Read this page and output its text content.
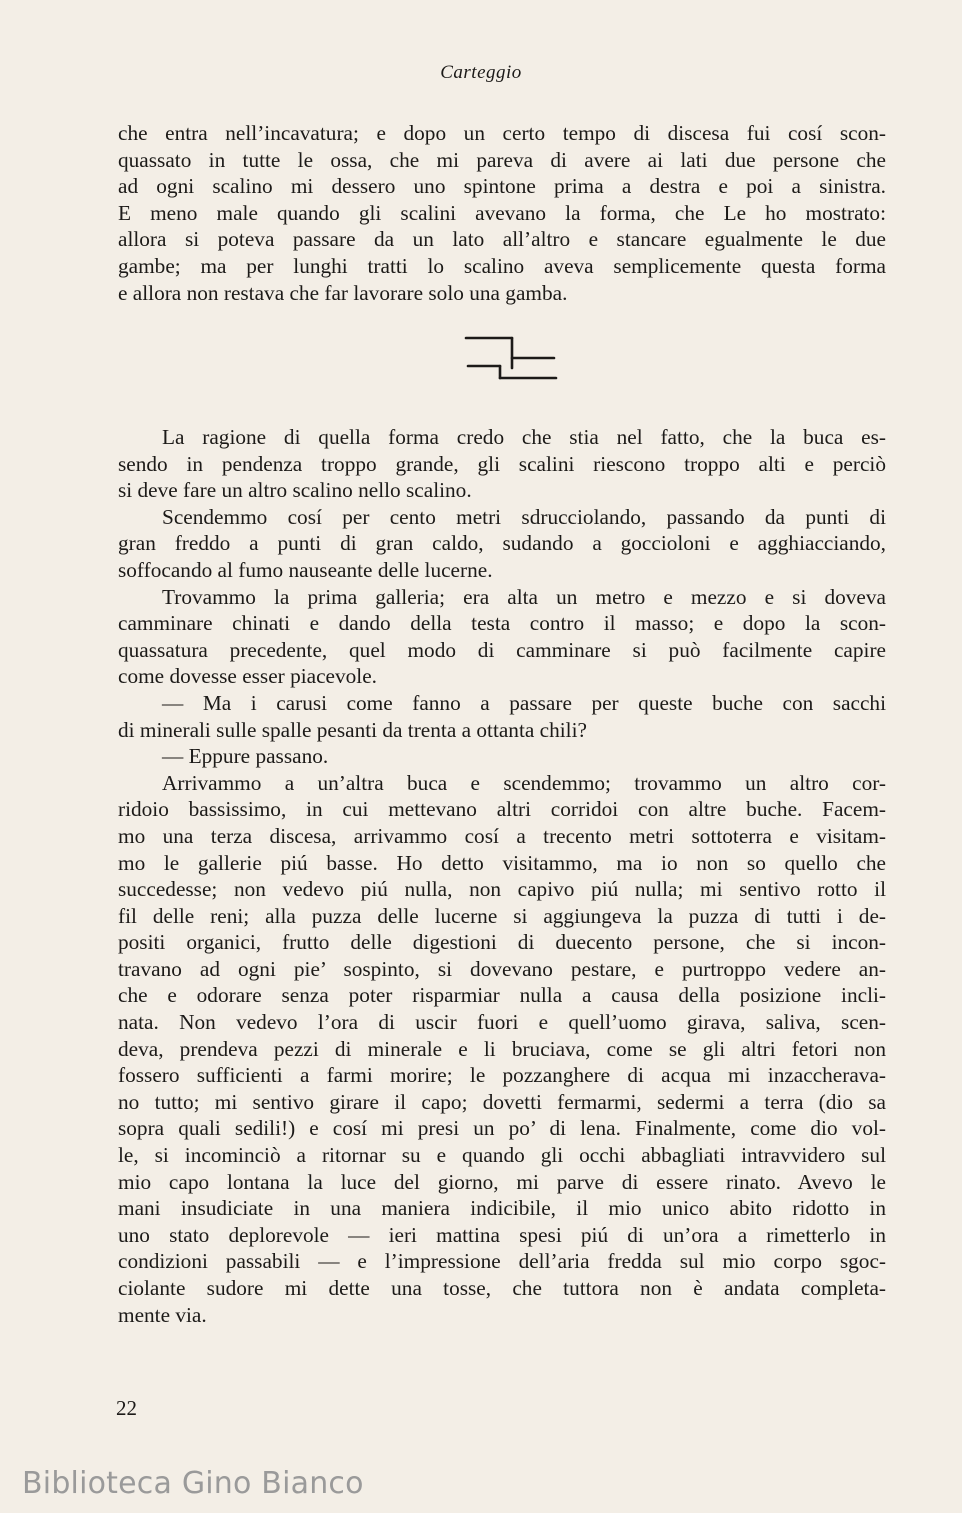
Carteggio
che entra nell’incavatura; e dopo un certo tempo di discesa fui cosí scon-
quassato in tutte le ossa, che mi pareva di avere ai lati due persone che
ad ogni scalino mi dessero uno spintone prima a destra e poi a sinistra.
E meno male quando gli scalini avevano la forma, che Le ho mostrato:
allora si poteva passare da un lato all’altro e stancare egualmente le due
gambe; ma per lunghi tratti lo scalino aveva semplicemente questa forma
e allora non restava che far lavorare solo una gamba.
La ragione di quella forma credo che stia nel fatto, che la buca es-
sendo in pendenza troppo grande, gli scalini riescono troppo alti e perciò
si deve fare un altro scalino nello scalino.
Scendemmo cosí per cento metri sdrucciolando, passando da punti di
gran freddo a punti di gran caldo, sudando a goccioloni e agghiacciando,
soffocando al fumo nauseante delle lucerne.
Trovammo la prima galleria; era alta un metro e mezzo e si doveva
camminare chinati e dando della testa contro il masso; e dopo la scon-
quassatura precedente, quel modo di camminare si può facilmente capire
come dovesse esser piacevole.
— Ma i carusi come fanno a passare per queste buche con sacchi
di minerali sulle spalle pesanti da trenta a ottanta chili?
— Eppure passano.
Arrivammo a un’altra buca e scendemmo; trovammo un altro cor-
ridoio bassissimo, in cui mettevano altri corridoi con altre buche. Facem-
mo una terza discesa, arrivammo cosí a trecento metri sottoterra e visitam-
mo le gallerie piú basse. Ho detto visitammo, ma io non so quello che
succedesse; non vedevo piú nulla, non capivo piú nulla; mi sentivo rotto il
fil delle reni; alla puzza delle lucerne si aggiungeva la puzza di tutti i de-
positi organici, frutto delle digestioni di duecento persone, che si incon-
travano ad ogni pie’ sospinto, si dovevano pestare, e purtroppo vedere an-
che e odorare senza poter risparmiar nulla a causa della posizione incli-
nata. Non vedevo l’ora di uscir fuori e quell’uomo girava, saliva, scen-
deva, prendeva pezzi di minerale e li bruciava, come se gli altri fetori non
fossero sufficienti a farmi morire; le pozzanghere di acqua mi inzaccherava-
no tutto; mi sentivo girare il capo; dovetti fermarmi, sedermi a terra (dio sa
sopra quali sedili!) e cosí mi presi un po’ di lena. Finalmente, come dio vol-
le, si incominciò a ritornar su e quando gli occhi abbagliati intravvidero sul
mio capo lontana la luce del giorno, mi parve di essere rinato. Avevo le
mani insudiciate in una maniera indicibile, il mio unico abito ridotto in
uno stato deplorevole — ieri mattina spesi piú di un’ora a rimetterlo in
condizioni passabili — e l’impressione dell’aria fredda sul mio corpo sgoc-
ciolante sudore mi dette una tosse, che tuttora non è andata completa-
mente via.
22
Biblioteca Gino Bianco
